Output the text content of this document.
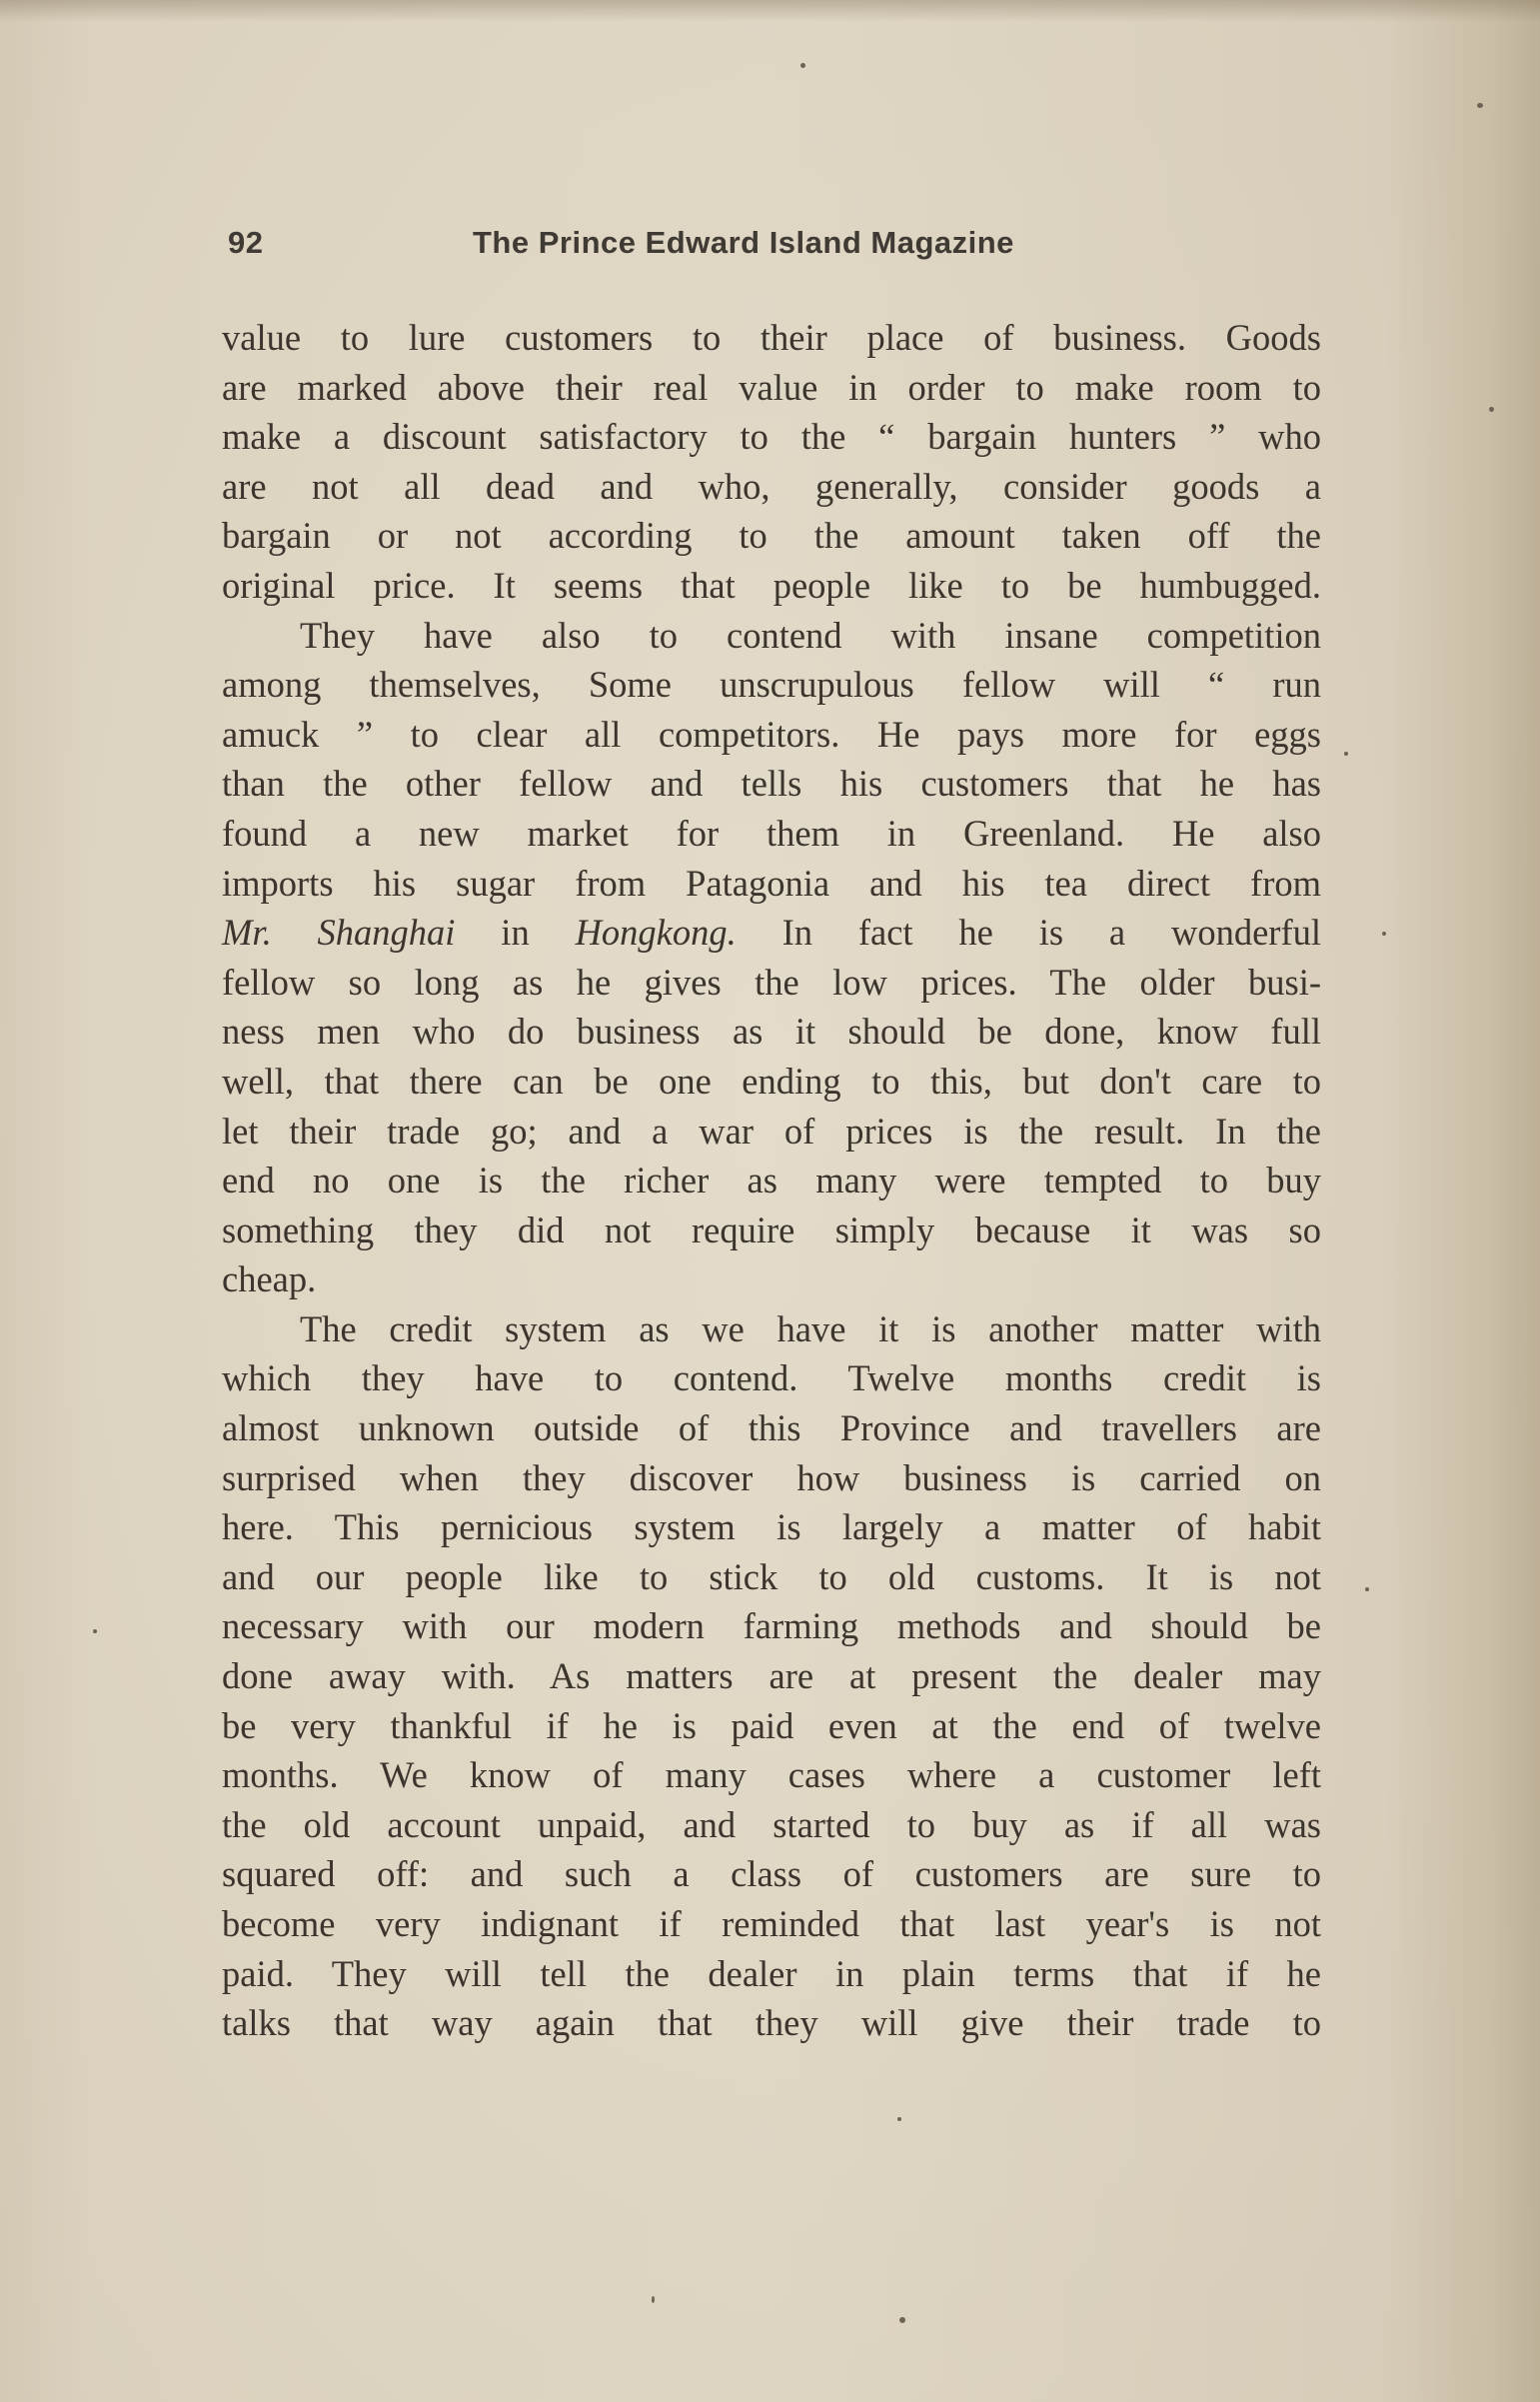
92	The Prince Edward Island Magazine
value to lure customers to their place of business. Goods
are marked above their real value in order to make room to
make a discount satisfactory to the “ bargain hunters ” who
are not all dead and who, generally, consider goods a
bargain or not according to the amount taken off the
original price. It seems that people like to be humbugged.
They have also to contend with insane competition
among themselves, Some unscrupulous fellow will “ run
amuck ” to clear all competitors. He pays more for eggs
than the other fellow and tells his customers that he has
found a new market for them in Greenland. He also
imports his sugar from Patagonia and his tea direct from
Mr. Shanghai in Hongkong. In fact he is a wonderful
fellow so long as he gives the low prices. The older busi-
ness men who do business as it should be done, know full
well, that there can be one ending to this, but don't care to
let their trade go; and a war of prices is the result. In the
end no one is the richer as many were tempted to buy
something they did not require simply because it was so
cheap.
The credit system as we have it is another matter with
which they have to contend. Twelve months credit is
almost unknown outside of this Province and travellers are
surprised when they discover how business is carried on
here. This pernicious system is largely a matter of habit
and our people like to stick to old customs. It is not
necessary with our modern farming methods and should be
done away with. As matters are at present the dealer may
be very thankful if he is paid even at the end of twelve
months. We know of many cases where a customer left
the old account unpaid, and started to buy as if all was
squared off: and such a class of customers are sure to
become very indignant if reminded that last year's is not
paid. They will tell the dealer in plain terms that if he
talks that way again that they will give their trade to
